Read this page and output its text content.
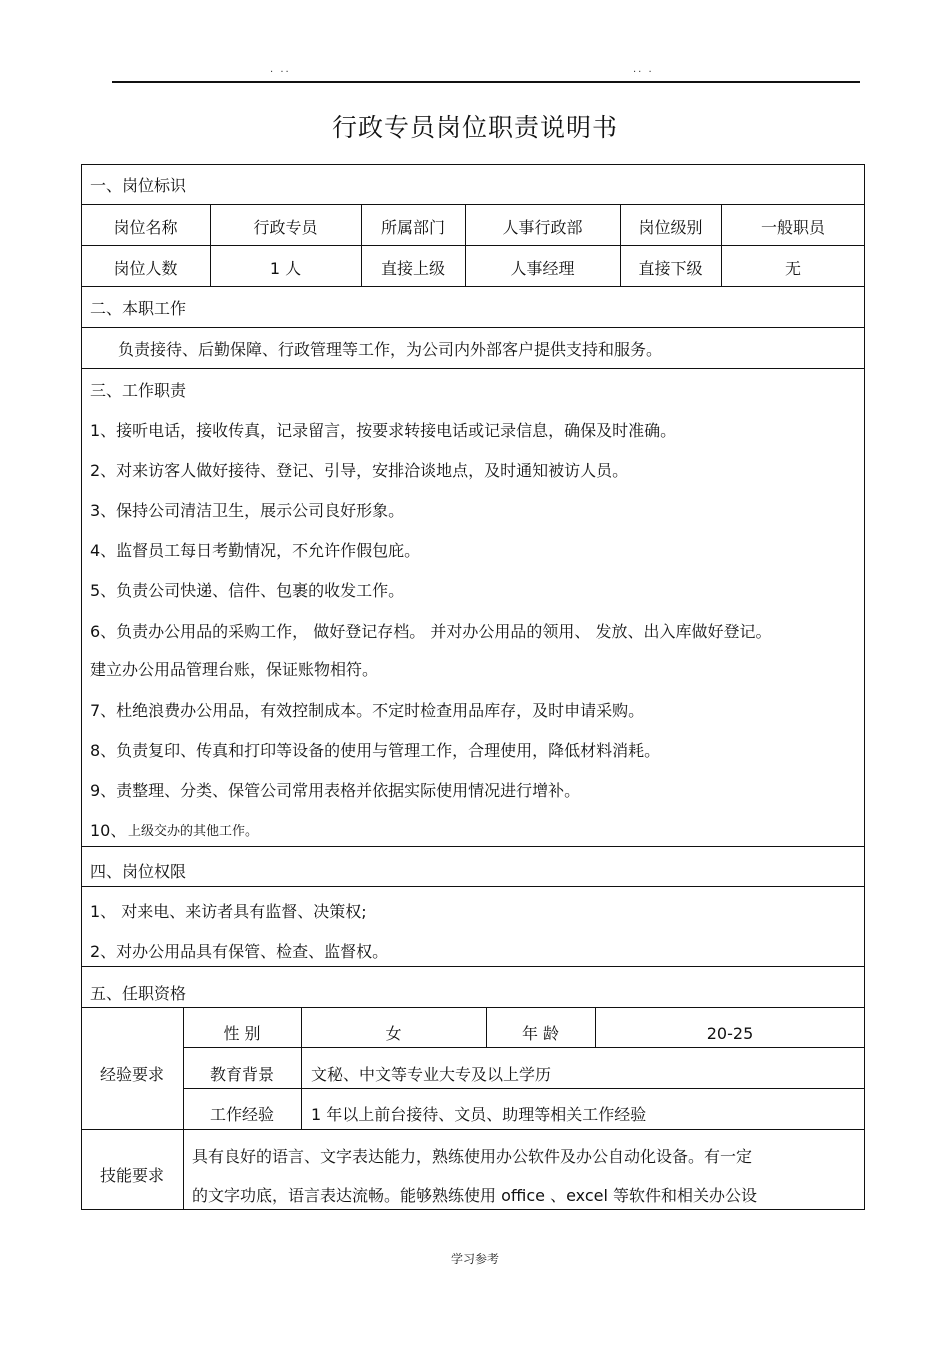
. ..	.. .
行政专员岗位职责说明书
一、岗位标识
岗位名称	行政专员	所属部门	人事行政部	岗位级别	一般职员
岗位人数	1 人	直接上级	人事经理	直接下级	无
二、本职工作
负责接待、后勤保障、行政管理等工作，为公司内外部客户提供支持和服务。
三、工作职责
1、接听电话，接收传真，记录留言，按要求转接电话或记录信息，确保及时准确。
2、对来访客人做好接待、登记、引导，安排洽谈地点，及时通知被访人员。
3、保持公司清洁卫生，展示公司良好形象。
4、监督员工每日考勤情况，不允许作假包庇。
5、负责公司快递、信件、包裹的收发工作。
6、负责办公用品的采购工作， 做好登记存档。 并对办公用品的领用、 发放、出入库做好登记。
建立办公用品管理台账，保证账物相符。
7、杜绝浪费办公用品，有效控制成本。不定时检查用品库存，及时申请采购。
8、负责复印、传真和打印等设备的使用与管理工作，合理使用，降低材料消耗。
9、责整理、分类、保管公司常用表格并依据实际使用情况进行增补。
10、 上级交办的其他工作。
四、岗位权限
1、 对来电、来访者具有监督、决策权;
2、对办公用品具有保管、检查、监督权。
五、任职资格
经验要求
性 别	女	年 龄	20-25
教育背景	文秘、中文等专业大专及以上学历
工作经验	1 年以上前台接待、文员、助理等相关工作经验
技能要求
具有良好的语言、文字表达能力，熟练使用办公软件及办公自动化设备。有一定
的文字功底，语言表达流畅。能够熟练使用 office 、excel 等软件和相关办公设
学习参考
